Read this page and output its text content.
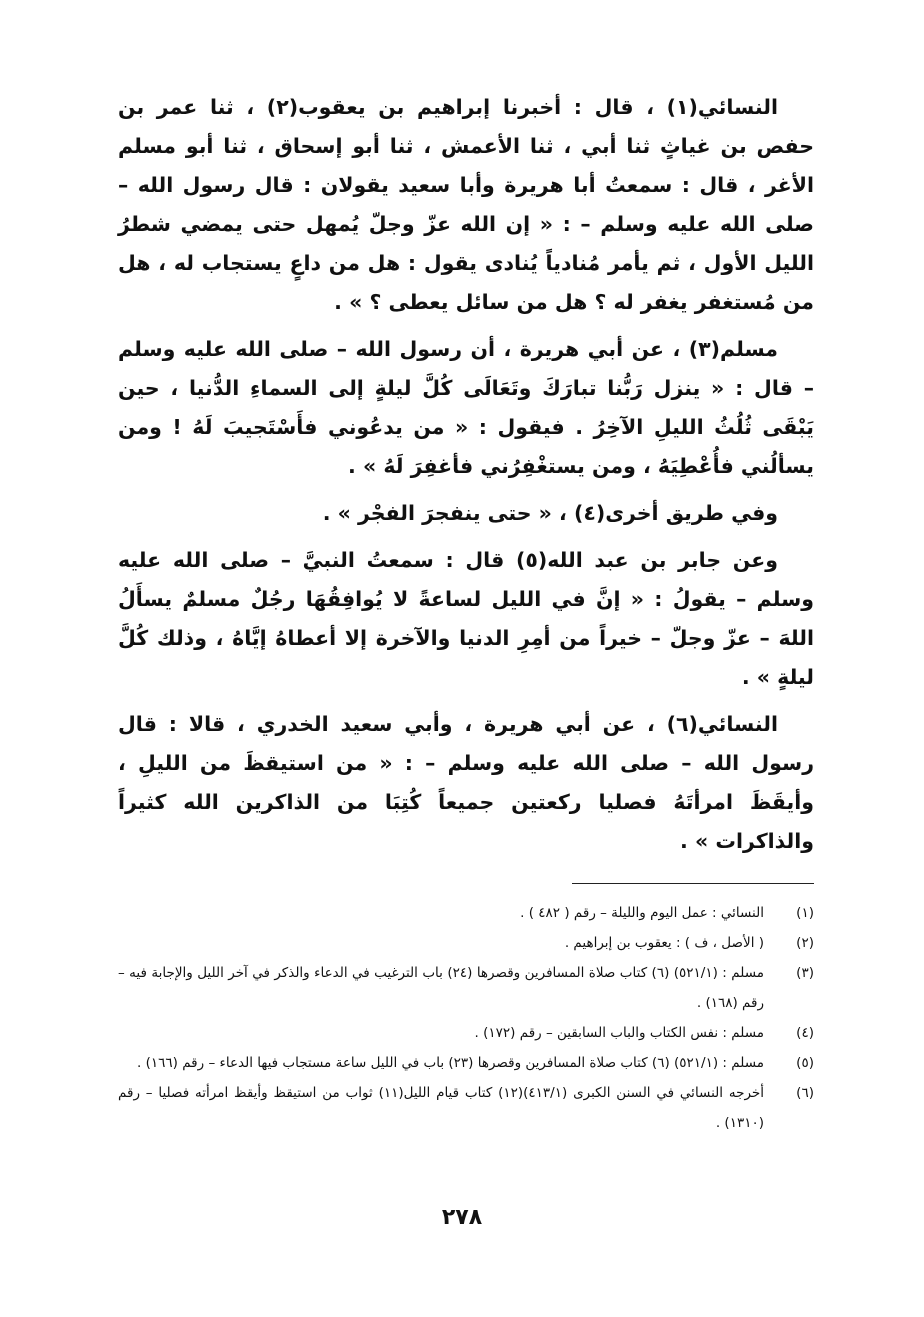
النسائي(١) ، قال : أخبرنا إبراهيم بن يعقوب(٢) ، ثنا عمر بن حفص بن غياثٍ ثنا أبي ، ثنا الأعمش ، ثنا أبو إسحاق ، ثنا أبو مسلم الأغر ، قال : سمعتُ أبا هريرة وأبا سعيد يقولان : قال رسول الله – صلى الله عليه وسلم – : « إن الله عزّ وجلّ يُمهل حتى يمضي شطرُ الليل الأول ، ثم يأمر مُنادياً يُنادى يقول : هل من داعٍ يستجاب له ، هل من مُستغفر يغفر له ؟ هل من سائل يعطى ؟ » .

مسلم(٣) ، عن أبي هريرة ، أن رسول الله – صلى الله عليه وسلم – قال : « ينزل رَبُّنا تبارَكَ وتَعَالَى كُلَّ ليلةٍ إلى السماءِ الدُّنيا ، حين يَبْقَى ثُلُثُ الليلِ الآخِرُ . فيقول : « من يدعُوني فأَسْتَجيبَ لَهُ ! ومن يسألُني فأُعْطِيَهُ ، ومن يستغْفِرُني فأغفِرَ لَهُ » .

وفي طريق أخرى(٤) ، « حتى ينفجرَ الفجْر » .

وعن جابر بن عبد الله(٥) قال : سمعتُ النبيَّ – صلى الله عليه وسلم – يقولُ : « إنَّ في الليل لساعةً لا يُوافِقُهَا رجُلٌ مسلمٌ يسأَلُ اللهَ – عزّ وجلّ – خيراً من أمِرِ الدنيا والآخرة إلا أعطاهُ إيَّاهُ ، وذلك كُلَّ ليلةٍ » .

النسائي(٦) ، عن أبي هريرة ، وأبي سعيد الخدري ، قالا : قال رسول الله – صلى الله عليه وسلم – : « من استيقظَ من الليلِ ، وأيقَظَ امرأتَهُ فصليا ركعتين جميعاً كُتِبَا من الذاكرين الله كثيراً والذاكرات » .

(١)
النسائي : عمل اليوم والليلة – رقم ( ٤٨٢ ) .
(٢)
( الأصل ، ف ) : يعقوب بن إبراهيم .
(٣)
مسلم : (٥٢١/١) (٦) كتاب صلاة المسافرين وقصرها (٢٤) باب الترغيب في الدعاء والذكر في آخر الليل والإجابة فيه – رقم (١٦٨) .
(٤)
مسلم : نفس الكتاب والباب السابقين – رقم (١٧٢) .
(٥)
مسلم : (٥٢١/١) (٦) كتاب صلاة المسافرين وقصرها (٢٣) باب في الليل ساعة مستجاب فيها الدعاء – رقم (١٦٦) .
(٦)
أخرجه النسائي في السنن الكبرى (٤١٣/١)(١٢) كتاب قيام الليل(١١) ثواب من استيقظ وأيقظ امرأته فصليا – رقم (١٣١٠) .
٢٧٨
